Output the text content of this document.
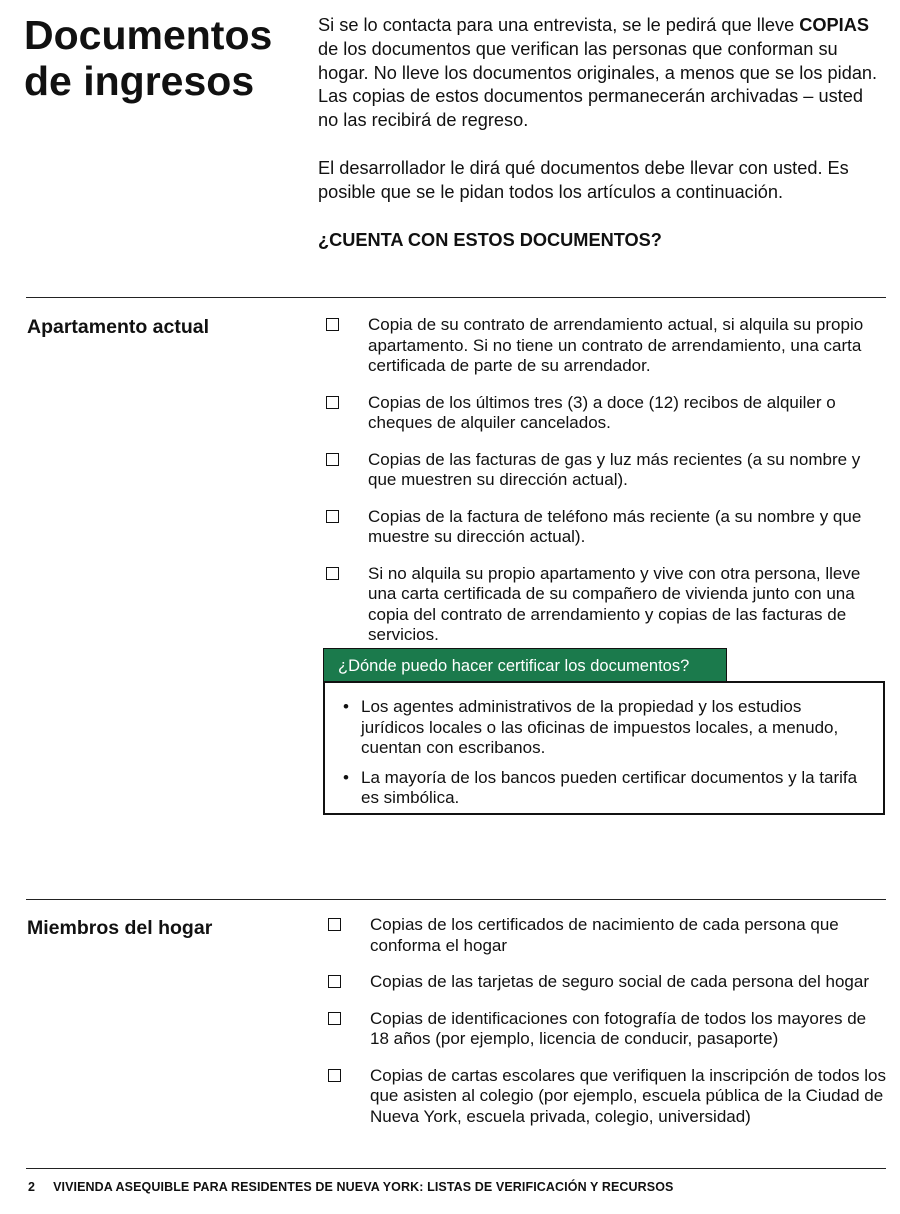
Documentos de ingresos

Si se lo contacta para una entrevista, se le pedirá que lleve COPIAS de los documentos que verifican las personas que conforman su hogar. No lleve los documentos originales, a menos que se los pidan. Las copias de estos documentos permanecerán archivadas – usted no las recibirá de regreso.

El desarrollador le dirá qué documentos debe llevar con usted. Es posible que se le pidan todos los artículos a continuación.

¿CUENTA CON ESTOS DOCUMENTOS?
Apartamento actual	Copia de su contrato de arrendamiento actual, si alquila su propio apartamento. Si no tiene un contrato de arrendamiento, una carta certificada de parte de su arrendador.
Copias de los últimos tres (3) a doce (12) recibos de alquiler o cheques de alquiler cancelados.
Copias de las facturas de gas y luz más recientes (a su nombre y que muestren su dirección actual).
Copias de la factura de teléfono más reciente (a su nombre y que muestre su dirección actual).
Si no alquila su propio apartamento y vive con otra persona, lleve una carta certificada de su compañero de vivienda junto con una copia del contrato de arrendamiento y copias de las facturas de servicios.
¿Dónde puedo hacer certificar los documentos?
• Los agentes administrativos de la propiedad y los estudios jurídicos locales o las oficinas de impuestos locales, a menudo, cuentan con escribanos.
• La mayoría de los bancos pueden certificar documentos y la tarifa es simbólica.
Miembros del hogar	Copias de los certificados de nacimiento de cada persona que conforma el hogar
Copias de las tarjetas de seguro social de cada persona del hogar
Copias de identificaciones con fotografía de todos los mayores de 18 años (por ejemplo, licencia de conducir, pasaporte)
Copias de cartas escolares que verifiquen la inscripción de todos los que asisten al colegio (por ejemplo, escuela pública de la Ciudad de Nueva York, escuela privada, colegio, universidad)
2 VIVIENDA ASEQUIBLE PARA RESIDENTES DE NUEVA YORK: LISTAS DE VERIFICACIÓN Y RECURSOS
